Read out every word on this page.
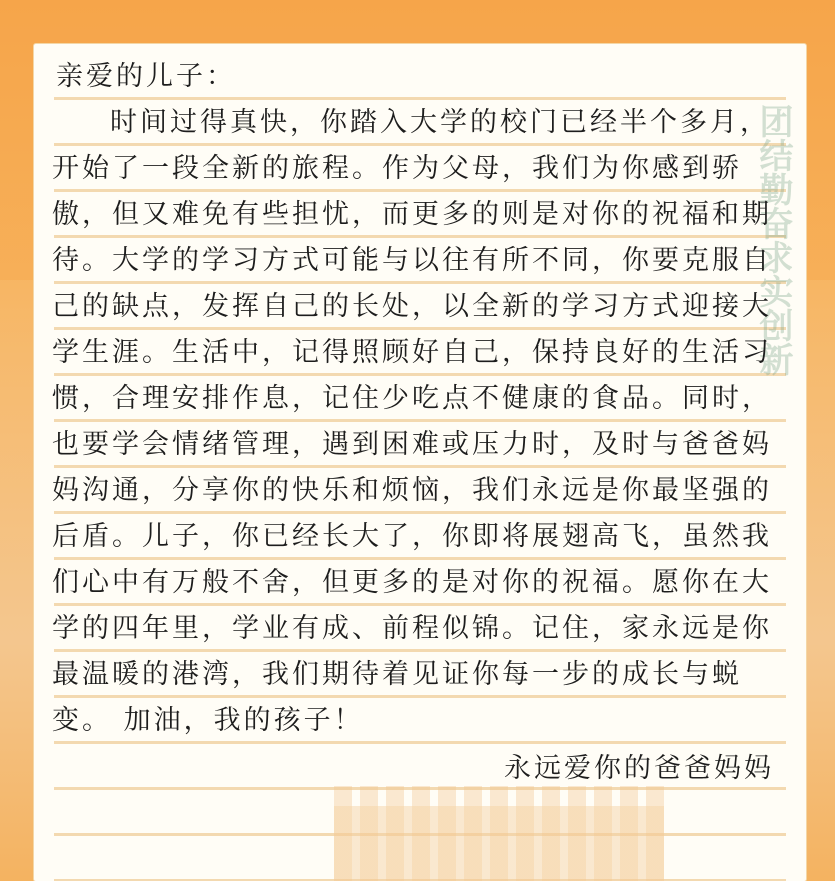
团结勤奋求实创新
亲爱的儿子：
时间过得真快，你踏入大学的校门已经半个多月，
开始了一段全新的旅程。作为父母，我们为你感到骄
傲，但又难免有些担忧，而更多的则是对你的祝福和期
待。大学的学习方式可能与以往有所不同，你要克服自
己的缺点，发挥自己的长处，以全新的学习方式迎接大
学生涯。生活中，记得照顾好自己，保持良好的生活习
惯，合理安排作息，记住少吃点不健康的食品。同时，
也要学会情绪管理，遇到困难或压力时，及时与爸爸妈
妈沟通，分享你的快乐和烦恼，我们永远是你最坚强的
后盾。儿子，你已经长大了，你即将展翅高飞，虽然我
们心中有万般不舍，但更多的是对你的祝福。愿你在大
学的四年里，学业有成、前程似锦。记住，家永远是你
最温暖的港湾，我们期待着见证你每一步的成长与蜕
变。 加油，我的孩子！
永远爱你的爸爸妈妈
